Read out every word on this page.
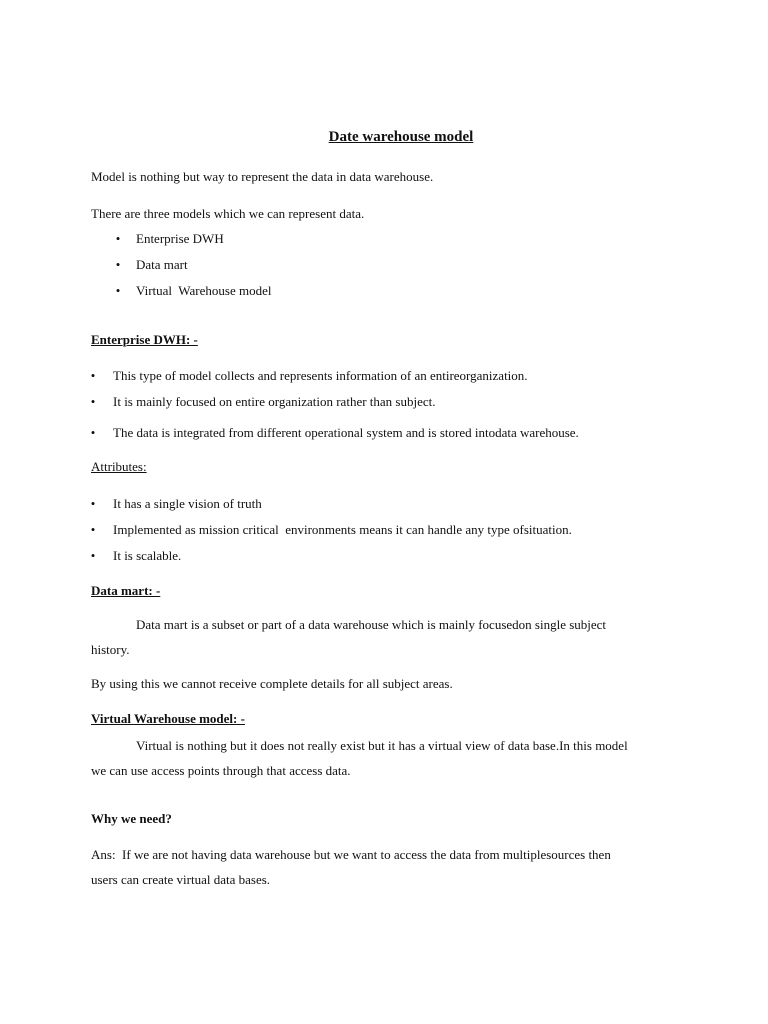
Date warehouse model
Model is nothing but way to represent the data in data warehouse.
There are three models which we can represent data.
• Enterprise DWH
• Data mart
• Virtual  Warehouse model
Enterprise DWH: -
• This type of model collects and represents information of an entireorganization.
• It is mainly focused on entire organization rather than subject.
• The data is integrated from different operational system and is stored intodata warehouse.
Attributes:
• It has a single vision of truth
• Implemented as mission critical  environments means it can handle any type ofsituation.
• It is scalable.
Data mart: -
Data mart is a subset or part of a data warehouse which is mainly focusedon single subject
history.
By using this we cannot receive complete details for all subject areas.
Virtual Warehouse model: -
Virtual is nothing but it does not really exist but it has a virtual view of data base.In this model
we can use access points through that access data.
Why we need?
Ans:  If we are not having data warehouse but we want to access the data from multiplesources then
users can create virtual data bases.
